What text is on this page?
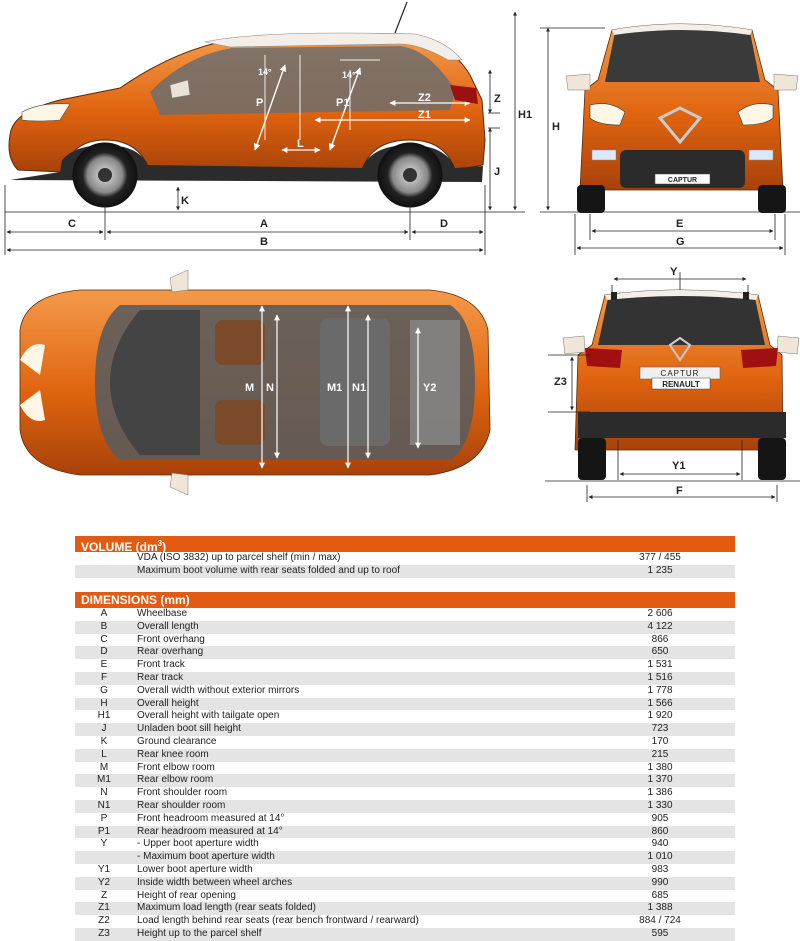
14°	14°
P	P1	Z2
Z1
L
Z
H1
J
K
C	A	D
B
CAPTUR
H
E
G
M N	M1 N1	Y2
CAPTUR
RENAULT
Y
Z3
Y1
F
VOLUME $(dm^3)$
VDA (ISO 3832) up to parcel shelf (min / max)	377 / 455
Maximum boot volume with rear seats folded and up to roof	1 235
DIMENSIONS (mm)
A	Wheelbase	2 606
B	Overall length	4 122
C	Front overhang	866
D	Rear overhang	650
E	Front track	1 531
F	Rear track	1 516
G	Overall width without exterior mirrors	1 778
H	Overall height	1 566
H1	Overall height with tailgate open	1 920
J	Unladen boot sill height	723
K	Ground clearance	170
L	Rear knee room	215
M	Front elbow room	1 380
M1	Rear elbow room	1 370
N	Front shoulder room	1 386
N1	Rear shoulder room	1 330
P	Front headroom measured at 14°	905
P1	Rear headroom measured at 14°	860
Y	- Upper boot aperture width	940
- Maximum boot aperture width	1 010
Y1	Lower boot aperture width	983
Y2	Inside width between wheel arches	990
Z	Height of rear opening	685
Z1	Maximum load length (rear seats folded)	1 388
Z2	Load length behind rear seats (rear bench frontward / rearward)	884 / 724
Z3	Height up to the parcel shelf	595
